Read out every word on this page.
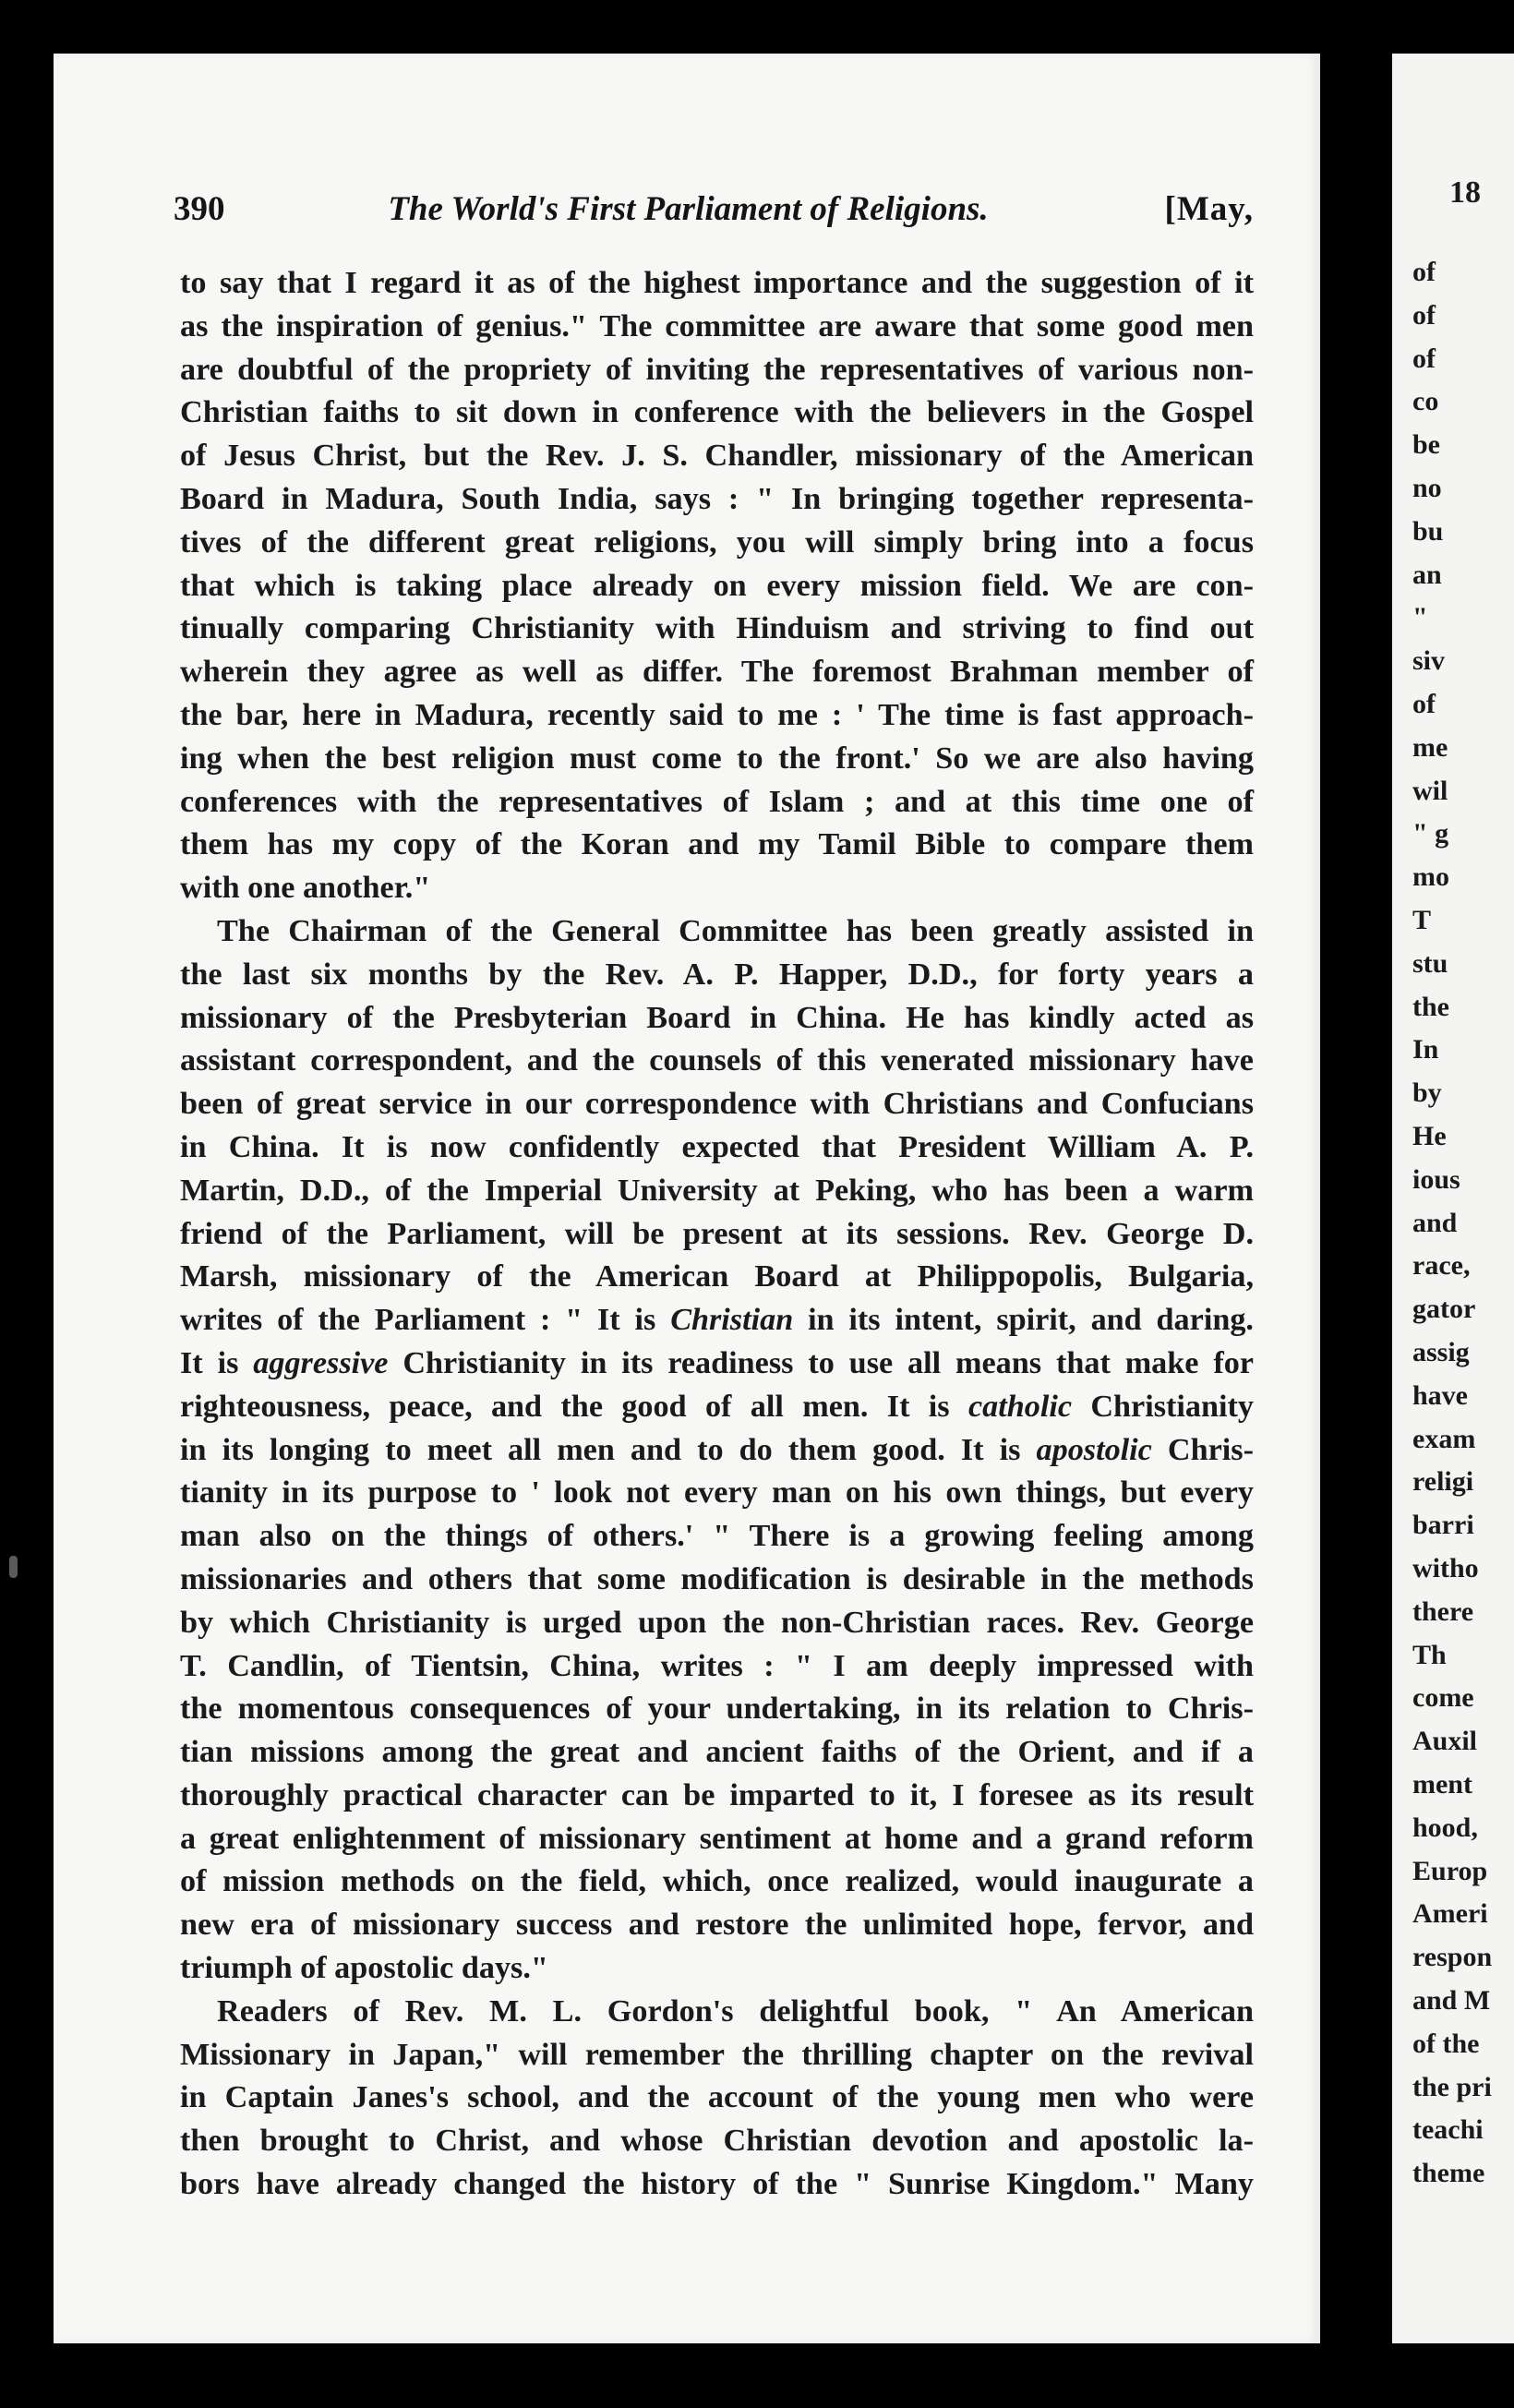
390	The World's First Parliament of Religions.	[May,

to say that I regard it as of the highest importance and the suggestion of it
as the inspiration of genius." The committee are aware that some good men
are doubtful of the propriety of inviting the representatives of various non-
Christian faiths to sit down in conference with the believers in the Gospel
of Jesus Christ, but the Rev. J. S. Chandler, missionary of the American
Board in Madura, South India, says : " In bringing together representa-
tives of the different great religions, you will simply bring into a focus
that which is taking place already on every mission field. We are con-
tinually comparing Christianity with Hinduism and striving to find out
wherein they agree as well as differ. The foremost Brahman member of
the bar, here in Madura, recently said to me : ' The time is fast approach-
ing when the best religion must come to the front.' So we are also having
conferences with the representatives of Islam ; and at this time one of
them has my copy of the Koran and my Tamil Bible to compare them
with one another."

The Chairman of the General Committee has been greatly assisted in
the last six months by the Rev. A. P. Happer, D.D., for forty years a
missionary of the Presbyterian Board in China. He has kindly acted as
assistant correspondent, and the counsels of this venerated missionary have
been of great service in our correspondence with Christians and Confucians
in China. It is now confidently expected that President William A. P.
Martin, D.D., of the Imperial University at Peking, who has been a warm
friend of the Parliament, will be present at its sessions. Rev. George D.
Marsh, missionary of the American Board at Philippopolis, Bulgaria,
writes of the Parliament : " It is Christian in its intent, spirit, and daring.
It is aggressive Christianity in its readiness to use all means that make for
righteousness, peace, and the good of all men. It is catholic Christianity
in its longing to meet all men and to do them good. It is apostolic Chris-
tianity in its purpose to ' look not every man on his own things, but every
man also on the things of others.' " There is a growing feeling among
missionaries and others that some modification is desirable in the methods
by which Christianity is urged upon the non-Christian races. Rev. George
T. Candlin, of Tientsin, China, writes : " I am deeply impressed with
the momentous consequences of your undertaking, in its relation to Chris-
tian missions among the great and ancient faiths of the Orient, and if a
thoroughly practical character can be imparted to it, I foresee as its result
a great enlightenment of missionary sentiment at home and a grand reform
of mission methods on the field, which, once realized, would inaugurate a
new era of missionary success and restore the unlimited hope, fervor, and
triumph of apostolic days."

Readers of Rev. M. L. Gordon's delightful book, " An American
Missionary in Japan," will remember the thrilling chapter on the revival
in Captain Janes's school, and the account of the young men who were
then brought to Christ, and whose Christian devotion and apostolic la-
bors have already changed the history of the " Sunrise Kingdom." Many

18
of
of
of
co
be
no
bu
an
"
siv
of
me
wil
" g
mo
T
stu
the
In
by
He
ious
and
race,
gator
assig
have
exam
religi
barri
witho
there
Th
come
Auxil
ment
hood,
Europ
Ameri
respon
and M
of the
the pri
teachi
theme
